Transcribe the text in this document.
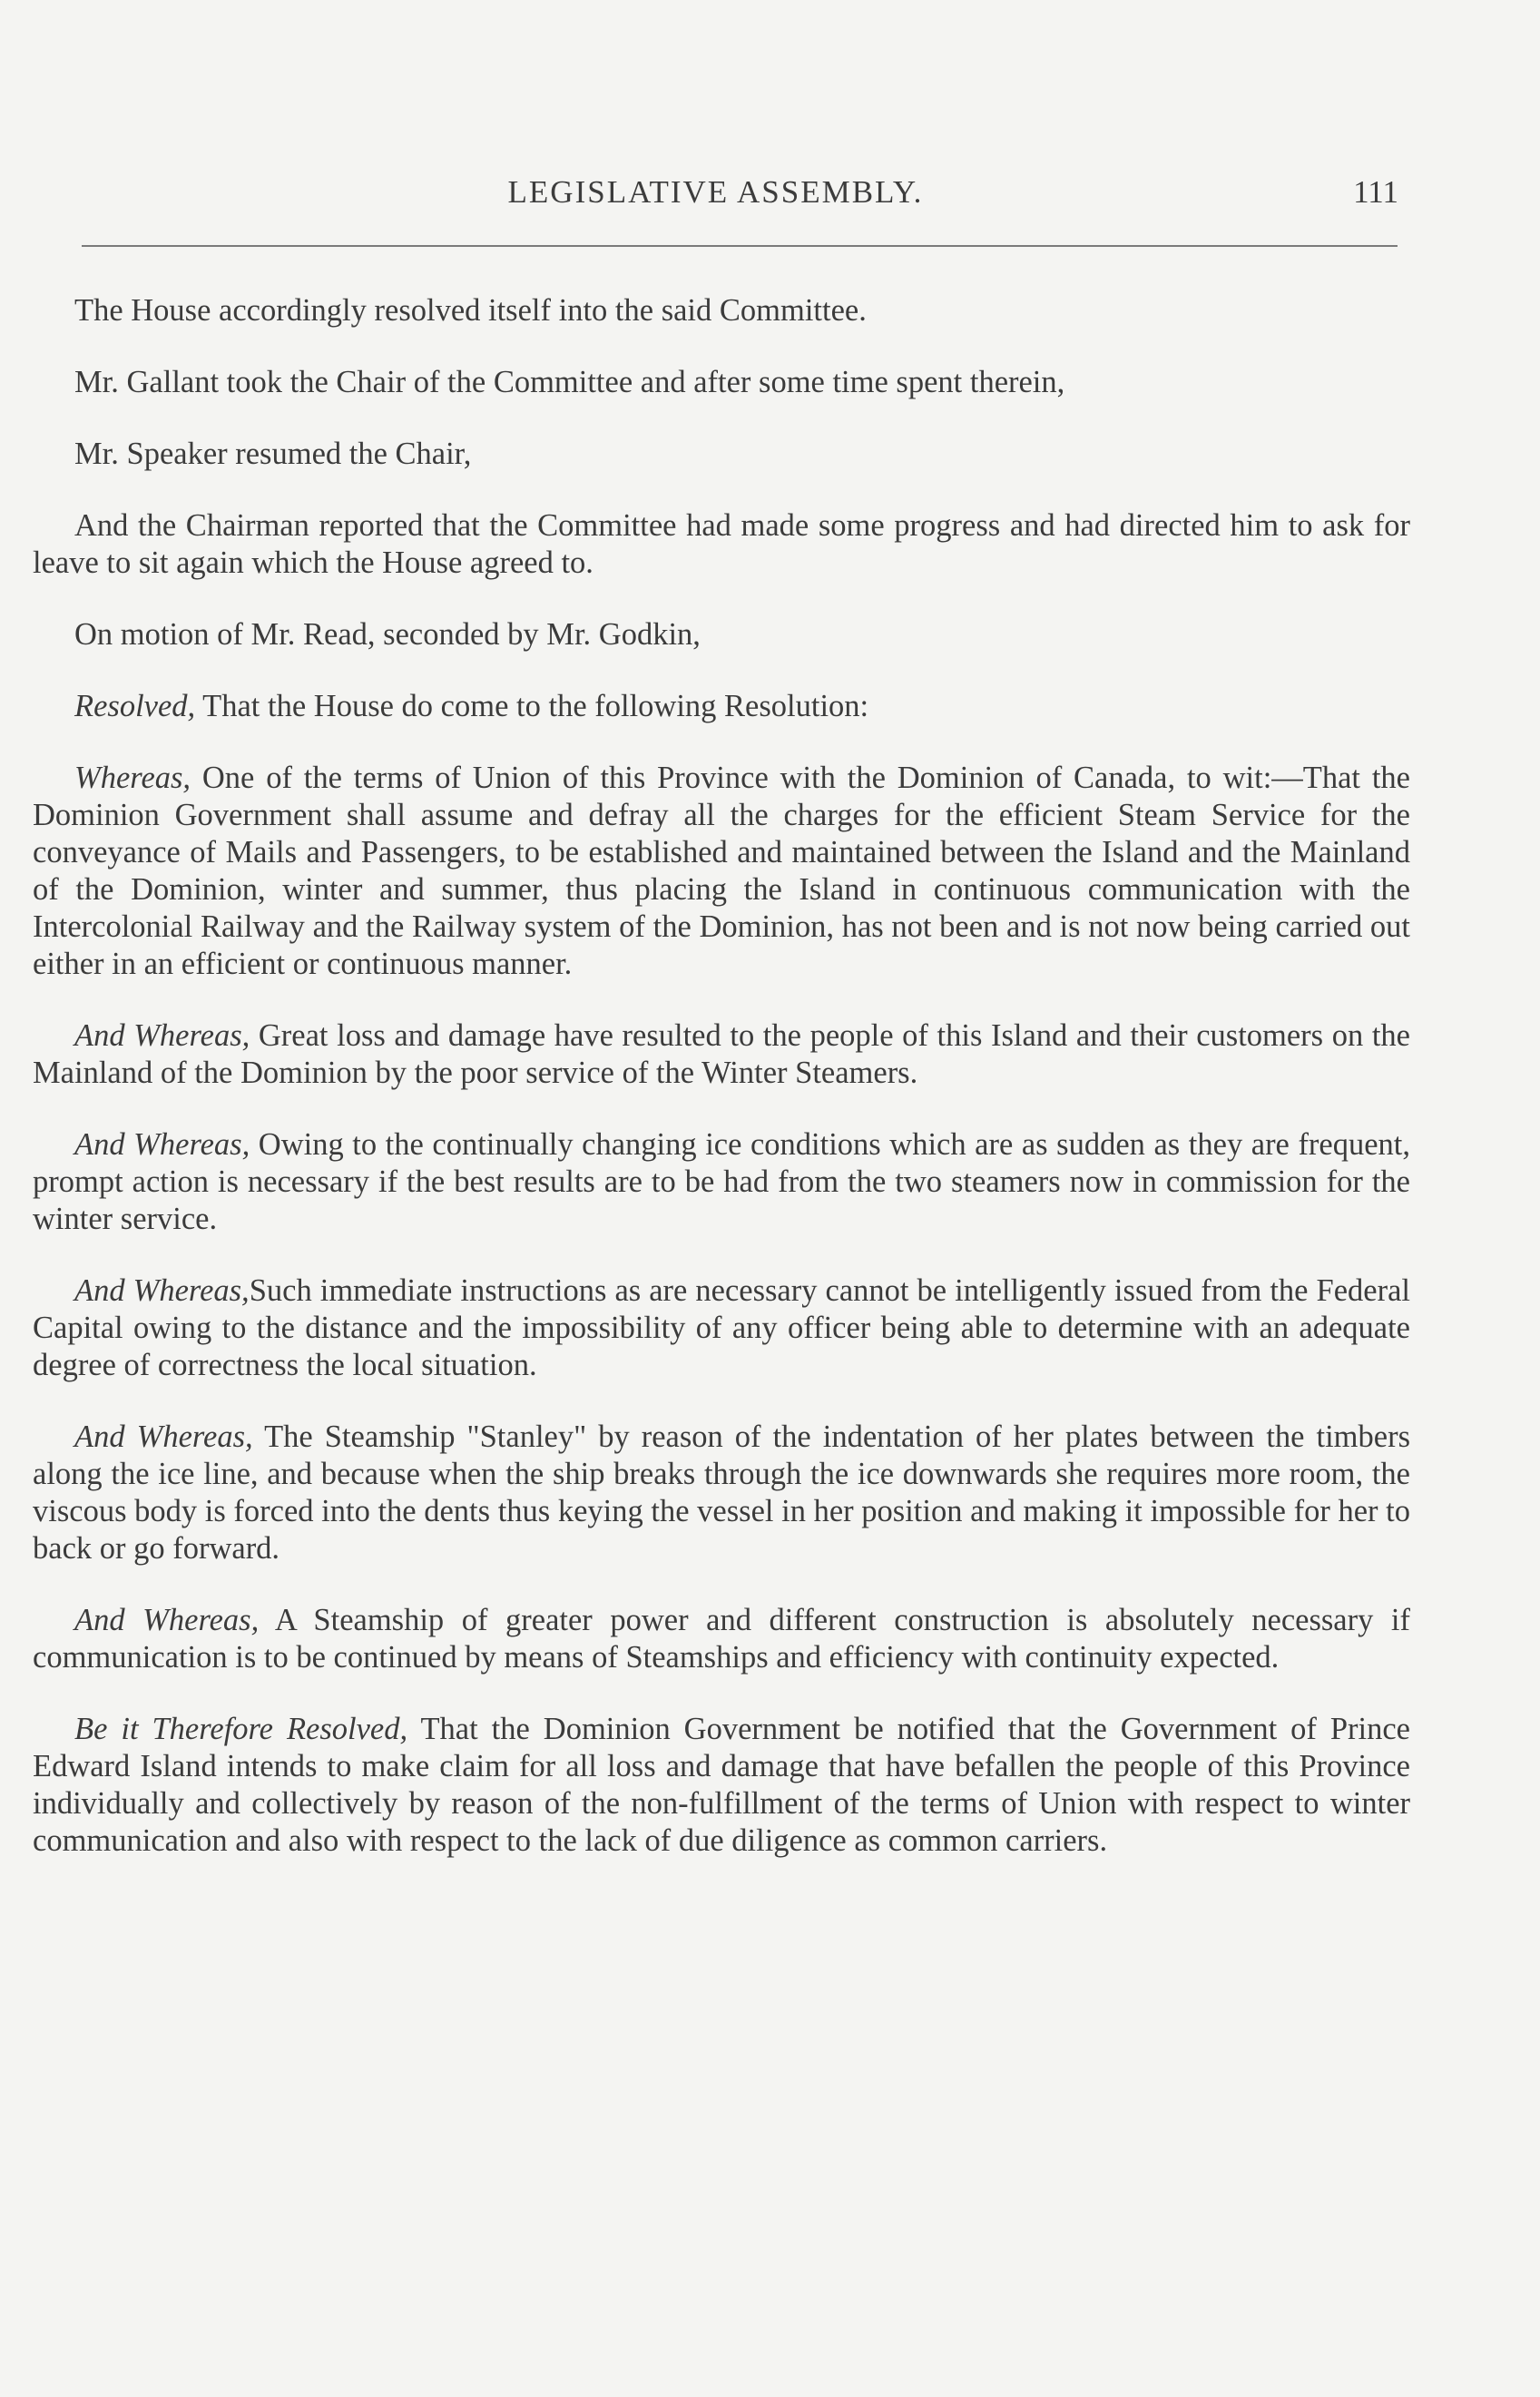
LEGISLATIVE ASSEMBLY.	111

The House accordingly resolved itself into the said Committee.

Mr. Gallant took the Chair of the Committee and after some time spent therein,

Mr. Speaker resumed the Chair,

And the Chairman reported that the Committee had made some progress and had directed him to ask for leave to sit again which the House agreed to.

On motion of Mr. Read, seconded by Mr. Godkin,

Resolved, That the House do come to the following Resolution:

Whereas, One of the terms of Union of this Province with the Dominion of Canada, to wit:—That the Dominion Government shall assume and defray all the charges for the efficient Steam Service for the conveyance of Mails and Passengers, to be established and maintained between the Island and the Mainland of the Dominion, winter and summer, thus placing the Island in continuous communication with the Intercolonial Railway and the Railway system of the Dominion, has not been and is not now being carried out either in an efficient or continuous manner.

And Whereas, Great loss and damage have resulted to the people of this Island and their customers on the Mainland of the Dominion by the poor service of the Winter Steamers.

And Whereas, Owing to the continually changing ice conditions which are as sudden as they are frequent, prompt action is necessary if the best results are to be had from the two steamers now in commission for the winter service.

And Whereas,Such immediate instructions as are necessary cannot be intelligently issued from the Federal Capital owing to the distance and the impossibility of any officer being able to determine with an adequate degree of correctness the local situation.

And Whereas, The Steamship "Stanley" by reason of the indentation of her plates between the timbers along the ice line, and because when the ship breaks through the ice downwards she requires more room, the viscous body is forced into the dents thus keying the vessel in her position and making it impossible for her to back or go forward.

And Whereas, A Steamship of greater power and different construction is absolutely necessary if communication is to be continued by means of Steamships and efficiency with continuity expected.

Be it Therefore Resolved, That the Dominion Government be notified that the Government of Prince Edward Island intends to make claim for all loss and damage that have befallen the people of this Province individually and collectively by reason of the non-fulfillment of the terms of Union with respect to winter communication and also with respect to the lack of due diligence as common carriers.
